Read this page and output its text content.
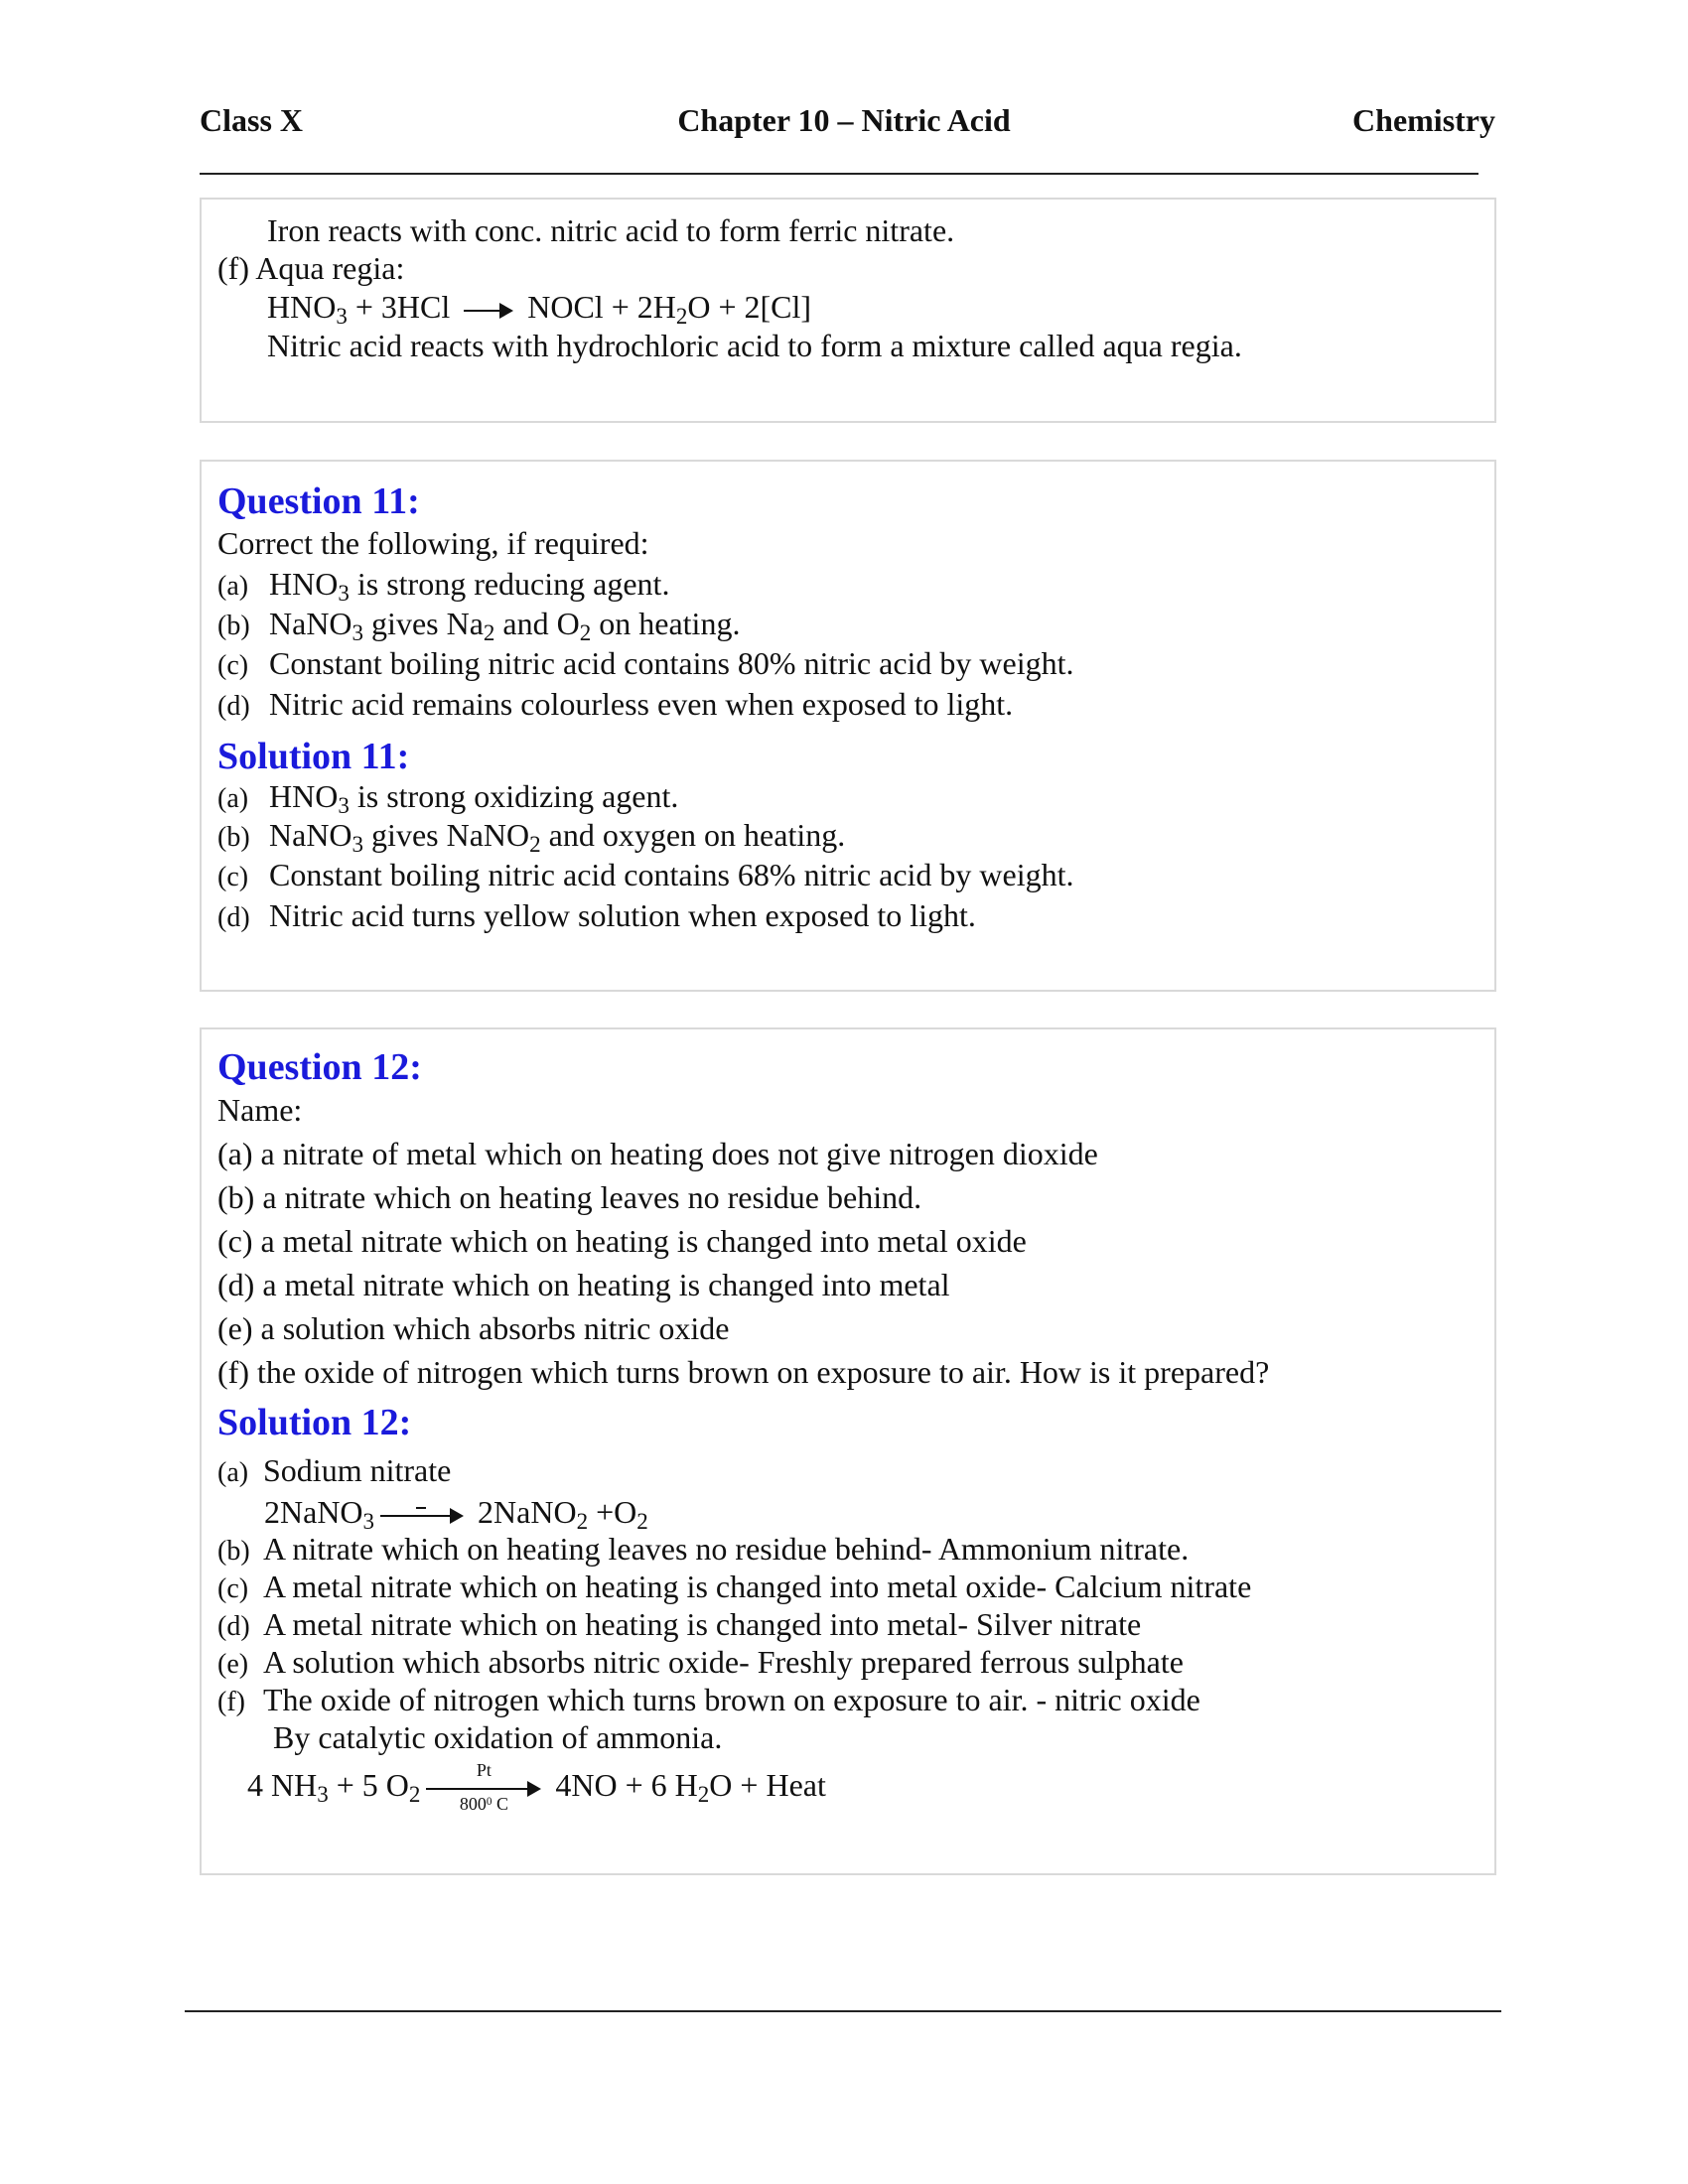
Class X	Chapter 10 – Nitric Acid	Chemistry
Iron reacts with conc. nitric acid to form ferric nitrate.
(f) Aqua regia:
$HNO_3 + 3HCl$
NOCl + $2H_2O + 2[Cl]$
Nitric acid reacts with hydrochloric acid to form a mixture called aqua regia.
Question 11:
Correct the following, if required:
(a) $HNO_3$ is strong reducing agent.
(b) NaNO$_3$ gives $Na_2$ and $O_2$ on heating.
(c) Constant boiling nitric acid contains 80% nitric acid by weight.
(d) Nitric acid remains colourless even when exposed to light.
Solution 11:
(a) $HNO_3$ is strong oxidizing agent.
(b) NaNO$_3$ gives NaNO$_2$ and oxygen on heating.
(c) Constant boiling nitric acid contains 68% nitric acid by weight.
(d) Nitric acid turns yellow solution when exposed to light.
Question 12:
Name:
(a) a nitrate of metal which on heating does not give nitrogen dioxide
(b) a nitrate which on heating leaves no residue behind.
(c) a metal nitrate which on heating is changed into metal oxide
(d) a metal nitrate which on heating is changed into metal
(e) a solution which absorbs nitric oxide
(f) the oxide of nitrogen which turns brown on exposure to air. How is it prepared?
Solution 12:
(a) Sodium nitrate
2NaNO$_3$	2NaNO$_2$ $+O_2$
(b) A nitrate which on heating leaves no residue behind- Ammonium nitrate.
(c) A metal nitrate which on heating is changed into metal oxide- Calcium nitrate
(d) A metal nitrate which on heating is changed into metal- Silver nitrate
(e) A solution which absorbs nitric oxide- Freshly prepared ferrous sulphate
(f) The oxide of nitrogen which turns brown on exposure to air. - nitric oxide
By catalytic oxidation of ammonia.
4 $NH_3 + 5$ $O_2 \frac{Pt}{800^0 C} 4NO + 6$ $H_2O$ + Heat
